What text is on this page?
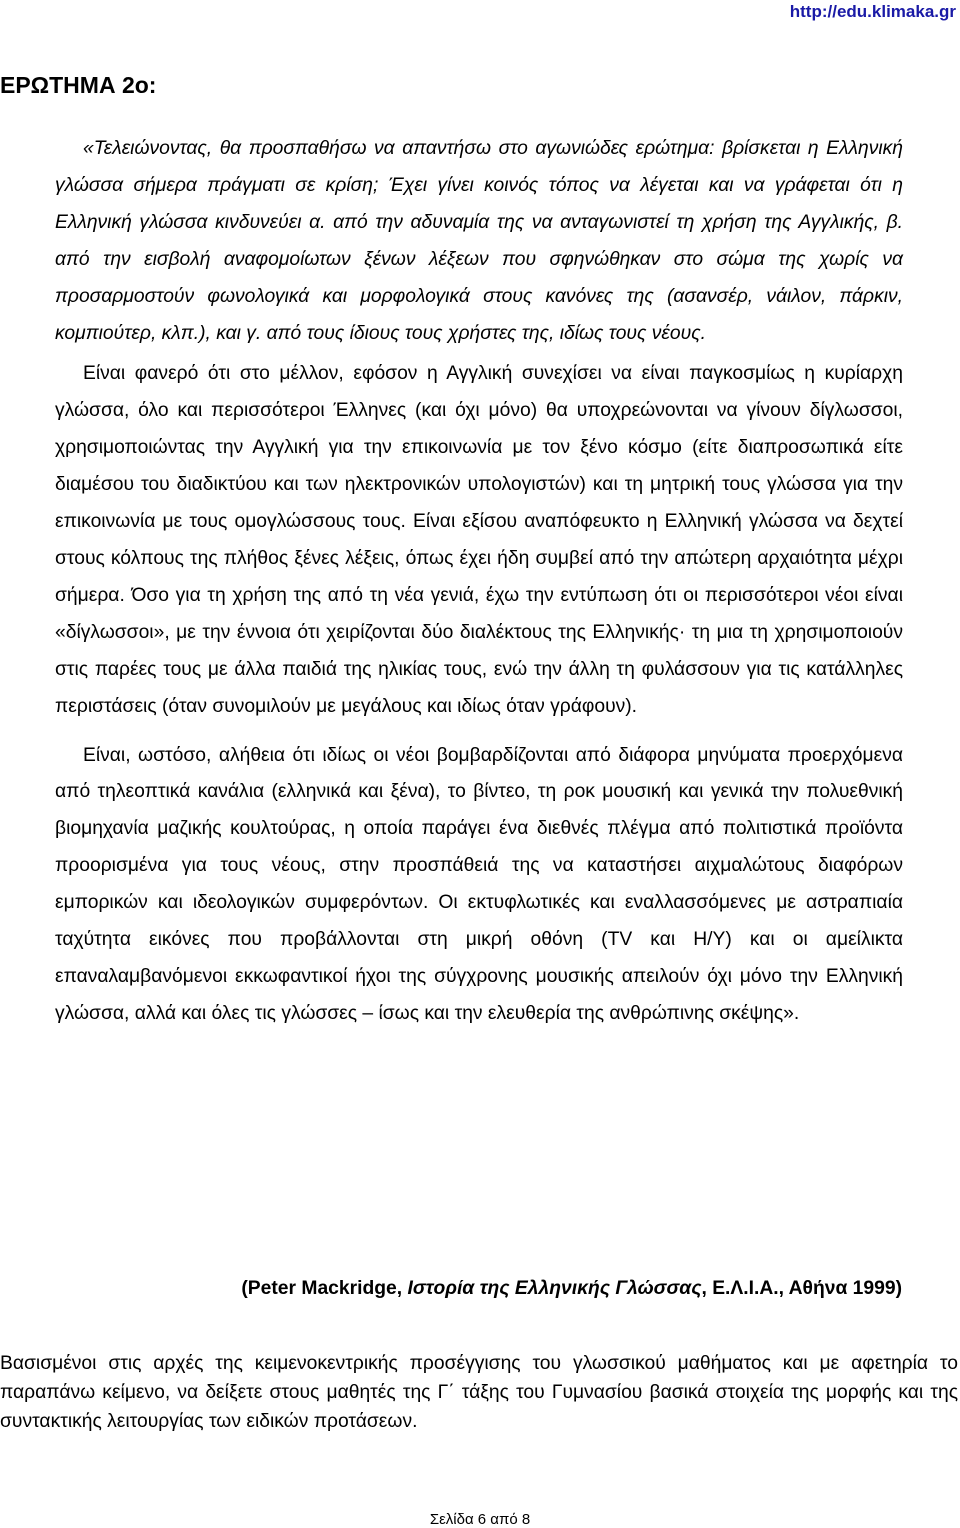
http://edu.klimaka.gr
ΕΡΩΤΗΜΑ 2ο:

«Τελειώνοντας, θα προσπαθήσω να απαντήσω στο αγωνιώδες ερώτημα: βρίσκεται η Ελληνική γλώσσα σήμερα πράγματι σε κρίση; Έχει γίνει κοινός τόπος να λέγεται και να γράφεται ότι η Ελληνική γλώσσα κινδυνεύει α. από την αδυναμία της να ανταγωνιστεί τη χρήση της Αγγλικής, β. από την εισβολή αναφομοίωτων ξένων λέξεων που σφηνώθηκαν στο σώμα της χωρίς να προσαρμοστούν φωνολογικά και μορφολογικά στους κανόνες της (ασανσέρ, νάιλον, πάρκιν, κομπιούτερ, κλπ.), και γ. από τους ίδιους τους χρήστες της, ιδίως τους νέους.

Είναι φανερό ότι στο μέλλον, εφόσον η Αγγλική συνεχίσει να είναι παγκοσμίως η κυρίαρχη γλώσσα, όλο και περισσότεροι Έλληνες (και όχι μόνο) θα υποχρεώνονται να γίνουν δίγλωσσοι, χρησιμοποιώντας την Αγγλική για την επικοινωνία με τον ξένο κόσμο (είτε διαπροσωπικά είτε διαμέσου του διαδικτύου και των ηλεκτρονικών υπολογιστών) και τη μητρική τους γλώσσα για την επικοινωνία με τους ομογλώσσους τους. Είναι εξίσου αναπόφευκτο η Ελληνική γλώσσα να δεχτεί στους κόλπους της πλήθος ξένες λέξεις, όπως έχει ήδη συμβεί από την απώτερη αρχαιότητα μέχρι σήμερα. Όσο για τη χρήση της από τη νέα γενιά, έχω την εντύπωση ότι οι περισσότεροι νέοι είναι «δίγλωσσοι», με την έννοια ότι χειρίζονται δύο διαλέκτους της Ελληνικής· τη μια τη χρησιμοποιούν στις παρέες τους με άλλα παιδιά της ηλικίας τους, ενώ την άλλη τη φυλάσσουν για τις κατάλληλες περιστάσεις (όταν συνομιλούν με μεγάλους και ιδίως όταν γράφουν).

Είναι, ωστόσο, αλήθεια ότι ιδίως οι νέοι βομβαρδίζονται από διάφορα μηνύματα προερχόμενα από τηλεοπτικά κανάλια (ελληνικά και ξένα), το βίντεο, τη ροκ μουσική και γενικά την πολυεθνική βιομηχανία μαζικής κουλτούρας, η οποία παράγει ένα διεθνές πλέγμα από πολιτιστικά προϊόντα προορισμένα για τους νέους, στην προσπάθειά της να καταστήσει αιχμαλώτους διαφόρων εμπορικών και ιδεολογικών συμφερόντων. Οι εκτυφλωτικές και εναλλασσόμενες με αστραπιαία ταχύτητα εικόνες που προβάλλονται στη μικρή οθόνη (TV και Η/Υ) και οι αμείλικτα επαναλαμβανόμενοι εκκωφαντικοί ήχοι της σύγχρονης μουσικής απειλούν όχι μόνο την Ελληνική γλώσσα, αλλά και όλες τις γλώσσες – ίσως και την ελευθερία της ανθρώπινης σκέψης».

(Peter Mackridge, Ιστορία της Ελληνικής Γλώσσας, Ε.Λ.Ι.Α., Αθήνα 1999)

Βασισμένοι στις αρχές της κειμενοκεντρικής προσέγγισης του γλωσσικού μαθήματος και με αφετηρία το παραπάνω κείμενο, να δείξετε στους μαθητές της Γ΄ τάξης του Γυμνασίου βασικά στοιχεία της μορφής και της συντακτικής λειτουργίας των ειδικών προτάσεων.

Σελίδα 6 από 8
